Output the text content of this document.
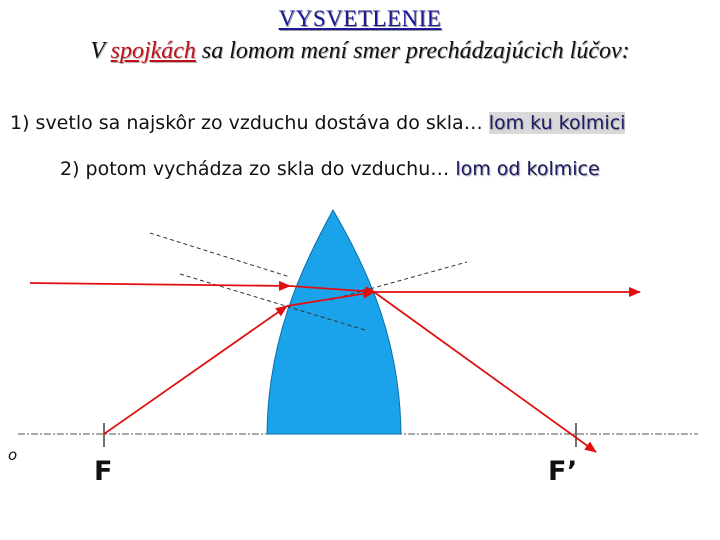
VYSVETLENIE
V spojkách sa lomom mení smer prechádzajúcich lúčov:
1) svetlo sa najskôr zo vzduchu dostáva do skla… lom ku kolmici
2) potom vychádza zo skla do vzduchu… lom od kolmice
o
F	F’
